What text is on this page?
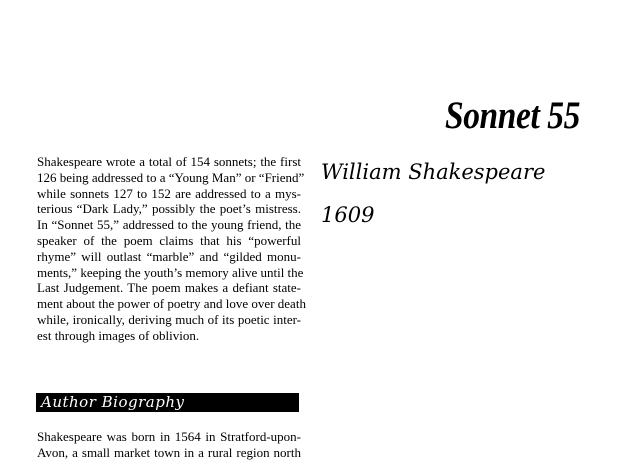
Sonnet 55
William Shakespeare
1609

Shakespeare wrote a total of 154 sonnets; the first
126 being addressed to a “Young Man” or “Friend”
while sonnets 127 to 152 are addressed to a mys-
terious “Dark Lady,” possibly the poet’s mistress.
In “Sonnet 55,” addressed to the young friend, the
speaker of the poem claims that his “powerful
rhyme” will outlast “marble” and “gilded monu-
ments,” keeping the youth’s memory alive until the
Last Judgement. The poem makes a defiant state-
ment about the power of poetry and love over death
while, ironically, deriving much of its poetic inter-
est through images of oblivion.

Author Biography

Shakespeare was born in 1564 in Stratford-upon-
Avon, a small market town in a rural region north
